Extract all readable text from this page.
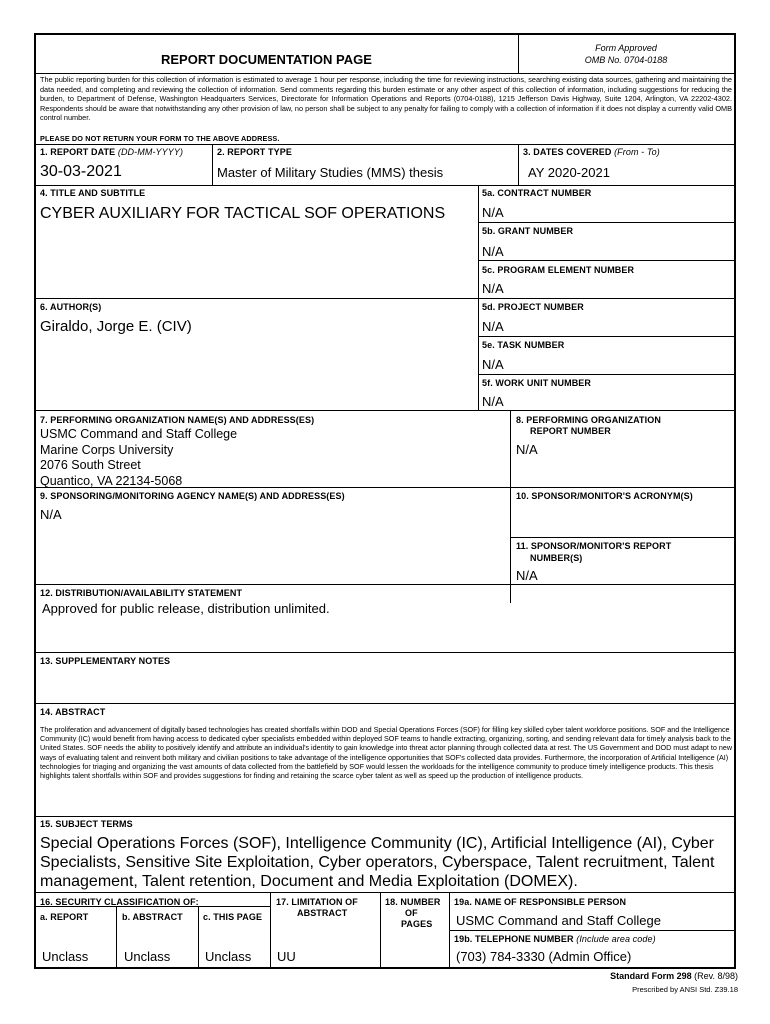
REPORT DOCUMENTATION PAGE
Form Approved
OMB No. 0704-0188
The public reporting burden for this collection of information is estimated to average 1 hour per response, including the time for reviewing instructions, searching existing data sources, gathering and maintaining the data needed, and completing and reviewing the collection of information. Send comments regarding this burden estimate or any other aspect of this collection of information, including suggestions for reducing the burden, to Department of Defense, Washington Headquarters Services, Directorate for Information Operations and Reports (0704-0188), 1215 Jefferson Davis Highway, Suite 1204, Arlington, VA 22202-4302. Respondents should be aware that notwithstanding any other provision of law, no person shall be subject to any penalty for failing to comply with a collection of information if it does not display a currently valid OMB control number.
PLEASE DO NOT RETURN YOUR FORM TO THE ABOVE ADDRESS.
1. REPORT DATE (DD-MM-YYYY)
30-03-2021
2. REPORT TYPE
Master of Military Studies (MMS) thesis
3. DATES COVERED (From - To)
AY 2020-2021
4. TITLE AND SUBTITLE
CYBER AUXILIARY FOR TACTICAL SOF OPERATIONS
5a. CONTRACT NUMBER
N/A
5b. GRANT NUMBER
N/A
5c. PROGRAM ELEMENT NUMBER
N/A
6. AUTHOR(S)
Giraldo, Jorge E. (CIV)
5d. PROJECT NUMBER
N/A
5e. TASK NUMBER
N/A
5f. WORK UNIT NUMBER
N/A
7. PERFORMING ORGANIZATION NAME(S) AND ADDRESS(ES)
USMC Command and Staff College
Marine Corps University
2076 South Street
Quantico, VA 22134-5068
8. PERFORMING ORGANIZATION
REPORT NUMBER
N/A
9. SPONSORING/MONITORING AGENCY NAME(S) AND ADDRESS(ES)
N/A
10. SPONSOR/MONITOR'S ACRONYM(S)
11. SPONSOR/MONITOR'S REPORT
NUMBER(S)
N/A
12. DISTRIBUTION/AVAILABILITY STATEMENT
Approved for public release, distribution unlimited.
13. SUPPLEMENTARY NOTES
14. ABSTRACT
The proliferation and advancement of digitally based technologies has created shortfalls within DOD and Special Operations Forces (SOF) for filling key skilled cyber talent workforce positions. SOF and the Intelligence Community (IC) would benefit from having access to dedicated cyber specialists embedded within deployed SOF teams to handle extracting, organizing, sorting, and sending relevant data for timely analysis back to the United States. SOF needs the ability to positively identify and attribute an individual's identity to gain knowledge into threat actor planning through collected data at rest. The US Government and DOD must adapt to new ways of evaluating talent and reinvent both military and civilian positions to take advantage of the intelligence opportunities that SOF's collected data provides. Furthermore, the incorporation of Artificial Intelligence (AI) technologies for triaging and organizing the vast amounts of data collected from the battlefield by SOF would lessen the workloads for the intelligence community to produce timely intelligence products. This thesis highlights talent shortfalls within SOF and provides suggestions for finding and retaining the scarce cyber talent as well as speed up the production of intelligence products.
15. SUBJECT TERMS
Special Operations Forces (SOF), Intelligence Community (IC), Artificial Intelligence (AI), Cyber Specialists, Sensitive Site Exploitation, Cyber operators, Cyberspace, Talent recruitment, Talent management, Talent retention, Document and Media Exploitation (DOMEX).
16. SECURITY CLASSIFICATION OF:
a. REPORT	b. ABSTRACT c. THIS PAGE
Unclass	Unclass	Unclass
17. LIMITATION OF
ABSTRACT
UU
18. NUMBER
OF
PAGES
19a. NAME OF RESPONSIBLE PERSON
USMC Command and Staff College
19b. TELEPHONE NUMBER (Include area code)
(703) 784-3330 (Admin Office)
Standard Form 298 (Rev. 8/98)
Prescribed by ANSI Std. Z39.18
